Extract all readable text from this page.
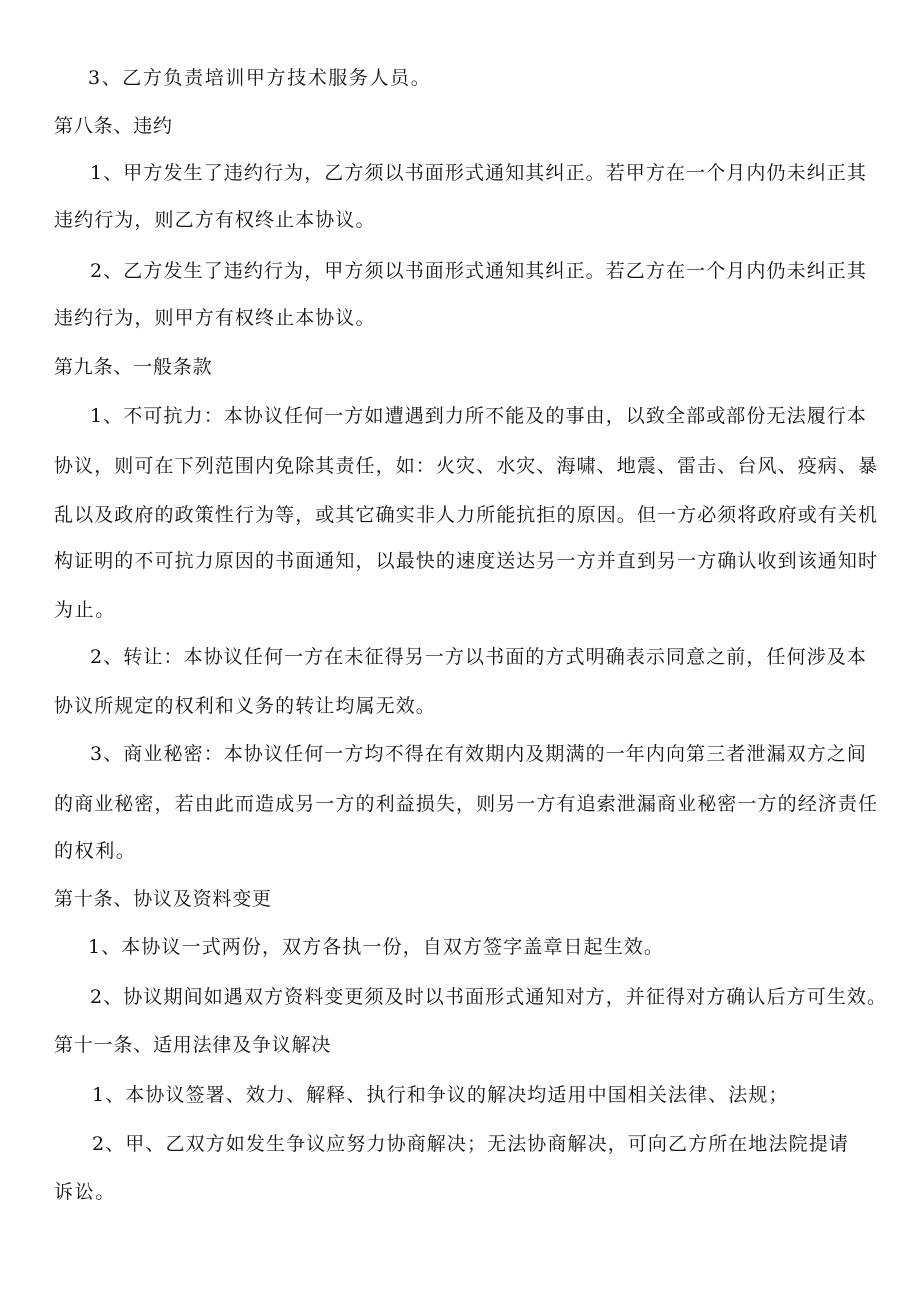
3、乙方负责培训甲方技术服务人员。
第八条、违约
1、甲方发生了违约行为，乙方须以书面形式通知其纠正。若甲方在一个月内仍未纠正其
违约行为，则乙方有权终止本协议。
2、乙方发生了违约行为，甲方须以书面形式通知其纠正。若乙方在一个月内仍未纠正其
违约行为，则甲方有权终止本协议。
第九条、一般条款
1、不可抗力：本协议任何一方如遭遇到力所不能及的事由，以致全部或部份无法履行本
协议，则可在下列范围内免除其责任，如：火灾、水灾、海啸、地震、雷击、台风、疫病、暴
乱以及政府的政策性行为等，或其它确实非人力所能抗拒的原因。但一方必须将政府或有关机
构证明的不可抗力原因的书面通知，以最快的速度送达另一方并直到另一方确认收到该通知时
为止。
2、转让：本协议任何一方在未征得另一方以书面的方式明确表示同意之前，任何涉及本
协议所规定的权利和义务的转让均属无效。
3、商业秘密：本协议任何一方均不得在有效期内及期满的一年内向第三者泄漏双方之间
的商业秘密，若由此而造成另一方的利益损失，则另一方有追索泄漏商业秘密一方的经济责任
的权利。
第十条、协议及资料变更
1、本协议一式两份，双方各执一份，自双方签字盖章日起生效。
2、协议期间如遇双方资料变更须及时以书面形式通知对方，并征得对方确认后方可生效。
第十一条、适用法律及争议解决
1、本协议签署、效力、解释、执行和争议的解决均适用中国相关法律、法规；
2、甲、乙双方如发生争议应努力协商解决；无法协商解决，可向乙方所在地法院提请
诉讼。
